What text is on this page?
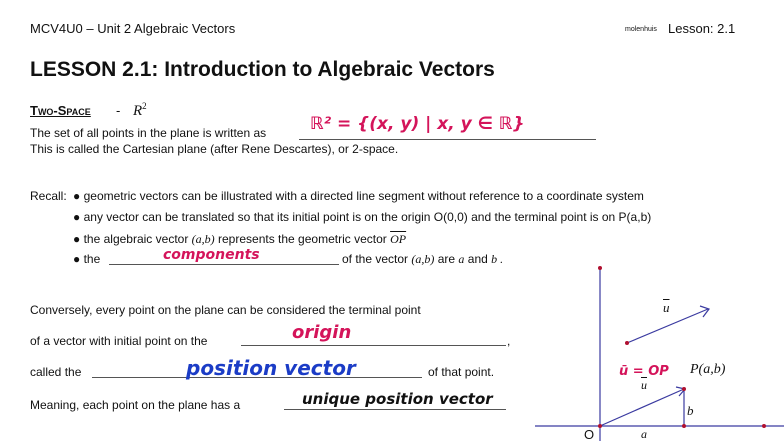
MCV4U0 – Unit 2 Algebraic Vectors	molenhuis Lesson: 2.1
LESSON 2.1: Introduction to Algebraic Vectors
Two-Space - $R^2$
The set of all points in the plane is written as	ℝ² = {(x, y) | x, y ∈ ℝ}
This is called the Cartesian plane (after Rene Descartes), or 2-space.
Recall: ● geometric vectors can be illustrated with a directed line segment without reference to a coordinate system
● any vector can be translated so that its initial point is on the origin O(0,0) and the terminal point is on P(a,b)
● the algebraic vector (a,b) represents the geometric vector $\overline{OP}$
● the	components	of the vector (a,b) are a and b .
Conversely, every point on the plane can be considered the terminal point
of a vector with initial point on the	origin	,
called the	position vector	of that point.
Meaning, each point on the plane has a	unique position vector
$\overline{u}$
$\overline{u}$
ū = OP P(a,b)
b
a
O
